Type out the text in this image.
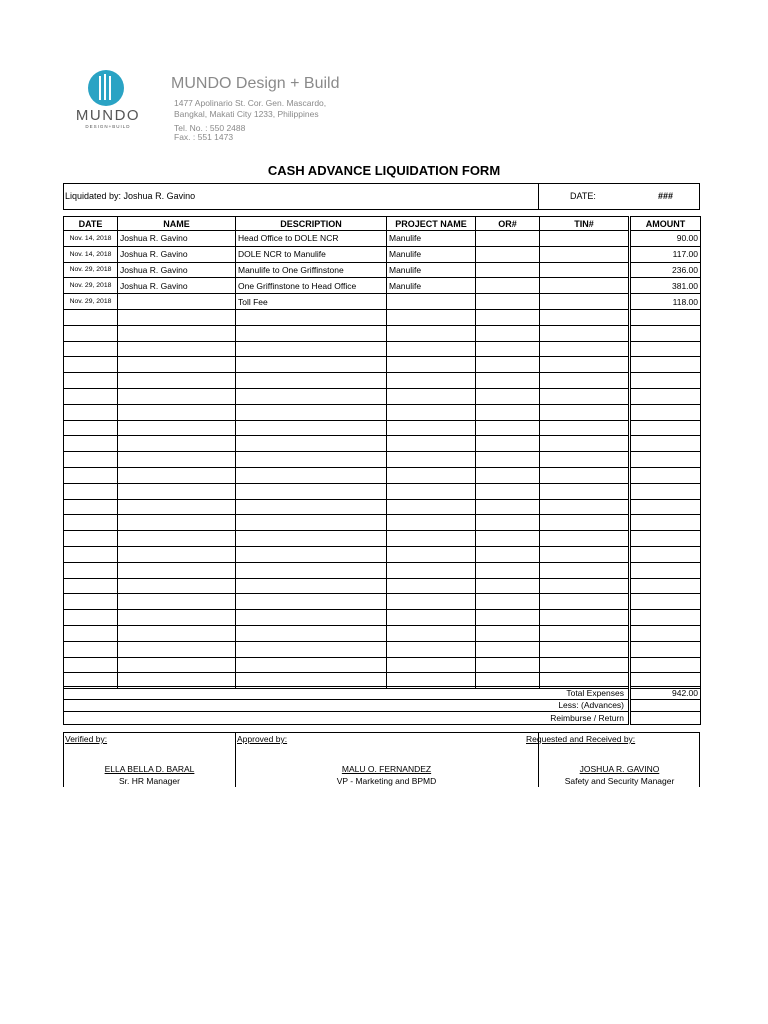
MUNDO
DESIGN+BUILD
MUNDO Design + Build
1477 Apolinario St. Cor. Gen. Mascardo,
Bangkal, Makati City 1233, Philippines
Tel. No. : 550 2488
Fax. : 551 1473
CASH ADVANCE LIQUIDATION FORM
Liquidated by: Joshua R. Gavino	DATE:	###
DATE	NAME	DESCRIPTION	PROJECT NAME	OR#	TIN#	AMOUNT
Nov. 14, 2018	Joshua R. Gavino	Head Office to DOLE NCR	Manulife			90.00
Nov. 14, 2018	Joshua R. Gavino	DOLE NCR to Manulife	Manulife			117.00
Nov. 29, 2018	Joshua R. Gavino	Manulife to One Griffinstone	Manulife			236.00
Nov. 29, 2018	Joshua R. Gavino	One Griffinstone to Head Office	Manulife			381.00
Nov. 29, 2018		Toll Fee				118.00

Total Expenses	942.00
Less: (Advances)	
Reimburse / Return	
Verified by:
ELLA BELLA D. BARAL
Sr. HR Manager
Approved by:
MALU O. FERNANDEZ
VP - Marketing and BPMD
Requested and Received by:
JOSHUA R. GAVINO
Safety and Security Manager
